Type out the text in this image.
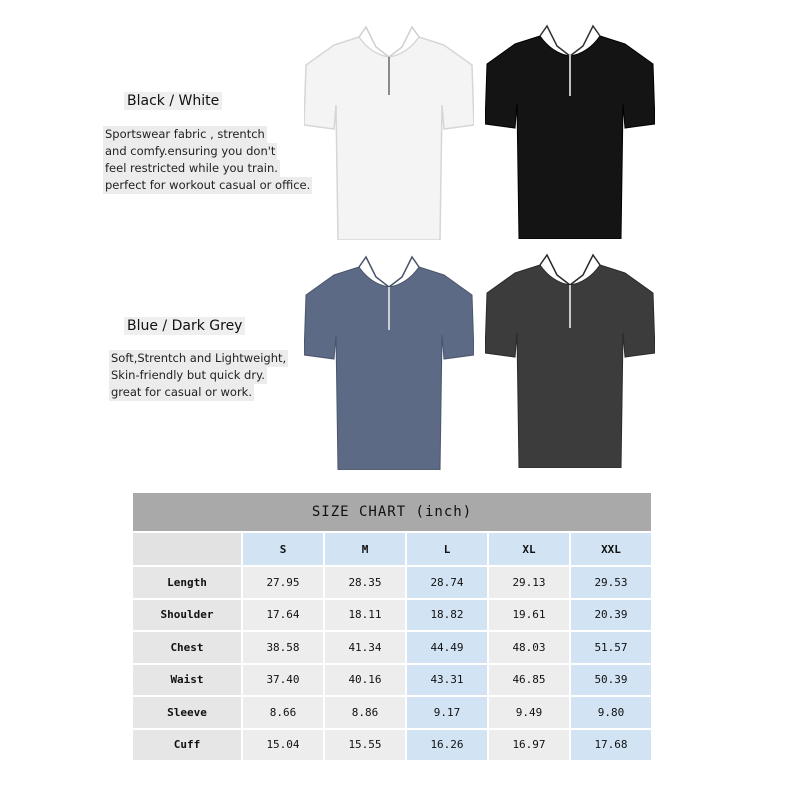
Black / White
Sportswear fabric , strentch
and comfy.ensuring you don't
feel restricted while you train.
perfect for workout casual or office.
Blue / Dark Grey
Soft,Strentch and Lightweight,
Skin-friendly but quick dry.
great for casual or work.
SIZE CHART (inch)					
	S	M	L	XL	XXL
Length	27.95	28.35	28.74	29.13	29.53
Shoulder	17.64	18.11	18.82	19.61	20.39
Chest	38.58	41.34	44.49	48.03	51.57
Waist	37.40	40.16	43.31	46.85	50.39
Sleeve	8.66	8.86	9.17	9.49	9.80
Cuff	15.04	15.55	16.26	16.97	17.68
